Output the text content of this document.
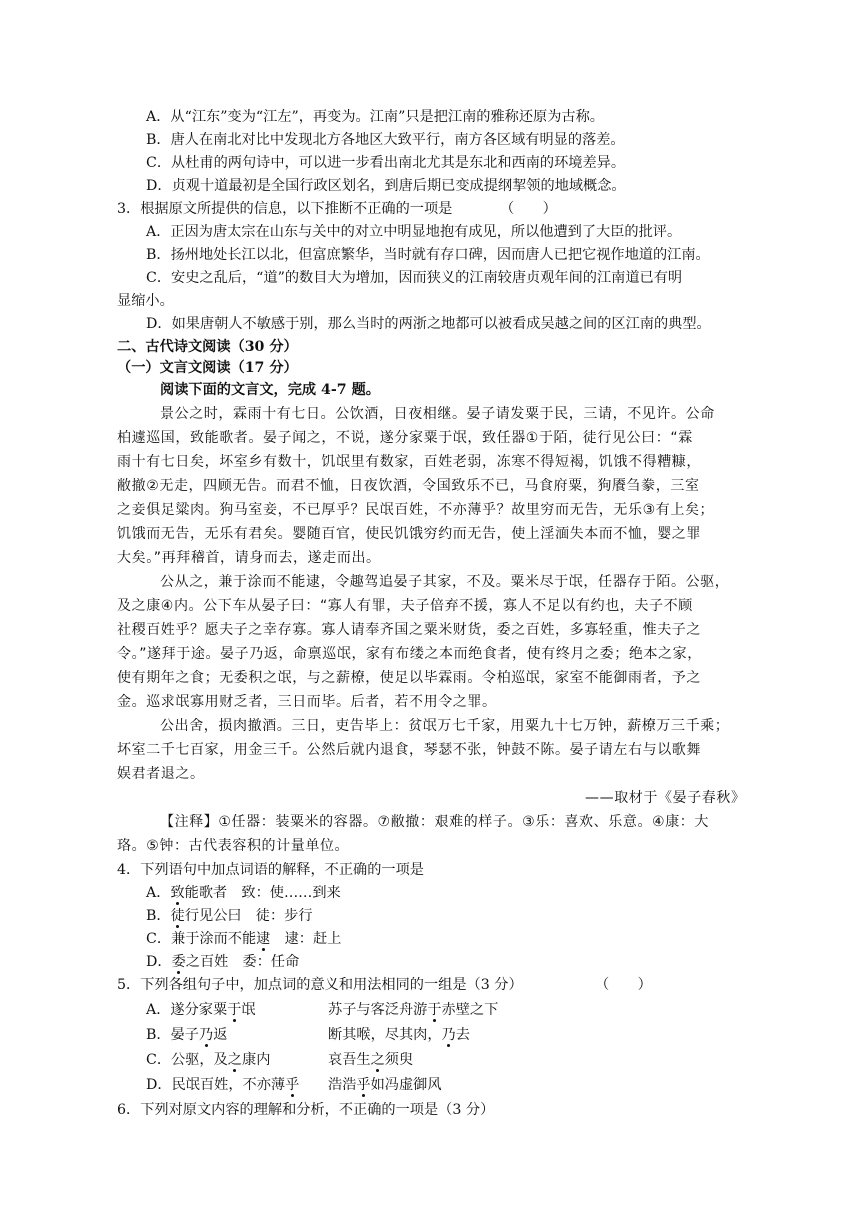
A．从“江东”变为“江左”，再变为。江南”只是把江南的雅称还原为古称。
B．唐人在南北对比中发现北方各地区大致平行，南方各区域有明显的落差。
C．从杜甫的两句诗中，可以进一步看出南北尤其是东北和西南的环境差异。
D．贞观十道最初是全国行政区划名，到唐后期已变成提纲挈领的地域概念。
3．根据原文所提供的信息，以下推断不正确的一项是	（　　）
A．正因为唐太宗在山东与关中的对立中明显地抱有成见，所以他遭到了大臣的批评。
B．扬州地处长江以北，但富庶繁华，当时就有存口碑，因而唐人已把它视作地道的江南。
C．安史之乱后，“道”的数目大为增加，因而狭义的江南较唐贞观年间的江南道已有明
显缩小。
D．如果唐朝人不敏感于别，那么当时的两浙之地都可以被看成吴越之间的区江南的典型。
二、古代诗文阅读（30 分）
（一）文言文阅读（17 分）
阅读下面的文言文，完成 4-7 题。
景公之时，霖雨十有七日。公饮酒，日夜相继。晏子请发粟于民，三请，不见许。公命
柏遽巡国，致能歌者。晏子闻之，不说，遂分家粟于氓，致任器①于陌，徒行见公曰：“霖
雨十有七日矣，坏室乡有数十，饥氓里有数家，百姓老弱，冻寒不得短褐，饥饿不得糟糠，
敝撤②无走，四顾无告。而君不恤，日夜饮酒，令国致乐不已，马食府粟，狗餍刍豢，三室
之妾俱足粱肉。狗马室妾，不已厚乎？民氓百姓，不亦薄乎？故里穷而无告，无乐③有上矣；
饥饿而无告，无乐有君矣。婴随百官，使民饥饿穷约而无告，使上淫湎失本而不恤，婴之罪
大矣。”再拜稽首，请身而去，遂走而出。
公从之，兼于涂而不能逮，令趣驾追晏子其家，不及。粟米尽于氓，任器存于陌。公驱，
及之康④内。公下车从晏子曰：“寡人有罪，夫子倍弃不援，寡人不足以有约也，夫子不顾
社稷百姓乎？愿夫子之幸存寡。寡人请奉齐国之粟米财货，委之百姓，多寡轻重，惟夫子之
令。”遂拜于途。晏子乃返，命禀巡氓，家有布缕之本而绝食者，使有终月之委；绝本之家，
使有期年之食；无委积之氓，与之薪橑，使足以毕霖雨。令柏巡氓，家室不能御雨者，予之
金。巡求氓寡用财乏者，三日而毕。后者，若不用令之罪。
公出舍，损肉撤酒。三日，吏告毕上：贫氓万七千家，用粟九十七万钟，薪橑万三千乘；
坏室二千七百家，用金三千。公然后就内退食，琴瑟不张，钟鼓不陈。晏子请左右与以歌舞
娱君者退之。
——取材于《晏子春秋》
【注释】①任器：装粟米的容器。⑦敝撤：艰难的样子。③乐：喜欢、乐意。④康：大
珞。⑤钟：古代表容积的计量单位。
4．下列语句中加点词语的解释，不正确的一项是
A．致能歌者　致：使……到来
B．徒行见公曰　徒：步行
C．兼于涂而不能逮　逮：赶上
D．委之百姓　委：任命
5．下列各组句子中，加点词的意义和用法相同的一组是（3 分）	（　　）
A．遂分家粟于氓	苏子与客泛舟游于赤壁之下
B．晏子乃返	断其喉，尽其肉，乃去
C．公驱，及之康内	哀吾生之须臾
D．民氓百姓，不亦薄乎 浩浩乎如冯虚御风
6．下列对原文内容的理解和分析，不正确的一项是（3 分）
